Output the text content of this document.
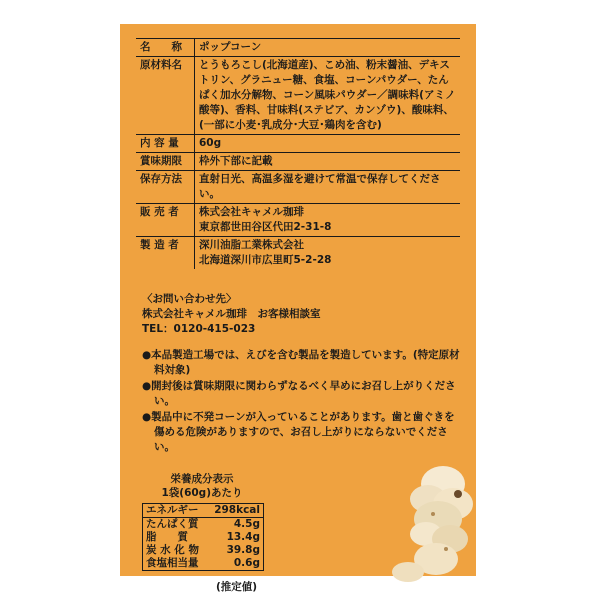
名　　称	ポップコーン
原材料名	とうもろこし(北海道産)、こめ油、粉末醤油、デキストリン、グラニュー糖、食塩、コーンパウダー、たんぱく加水分解物、コーン風味パウダー／調味料(アミノ酸等)、香料、甘味料(ステビア、カンゾウ)、酸味料、(一部に小麦･乳成分･大豆･鶏肉を含む)
内 容 量	60g
賞味期限	枠外下部に記載
保存方法	直射日光、高温多湿を避けて常温で保存してください。
販 売 者	株式会社キャメル珈琲
東京都世田谷区代田2-31-8

製 造 者	深川油脂工業株式会社
北海道深川市広里町5-2-28
〈お問い合わせ先〉
株式会社キャメル珈琲　お客様相談室
TEL：0120-415-023
●本品製造工場では、えびを含む製品を製造しています。(特定原材料対象)
●開封後は賞味期限に関わらずなるべく早めにお召し上がりください。
●製品中に不発コーンが入っていることがあります。歯と歯ぐきを傷める危険がありますので、お召し上がりにならないでください。
栄養成分表示
1袋(60g)あたり
エネルギー	298kcal
たんぱく質	4.5g
脂　　質	13.4g
炭 水 化 物	39.8g
食塩相当量	0.6g
(推定値)
